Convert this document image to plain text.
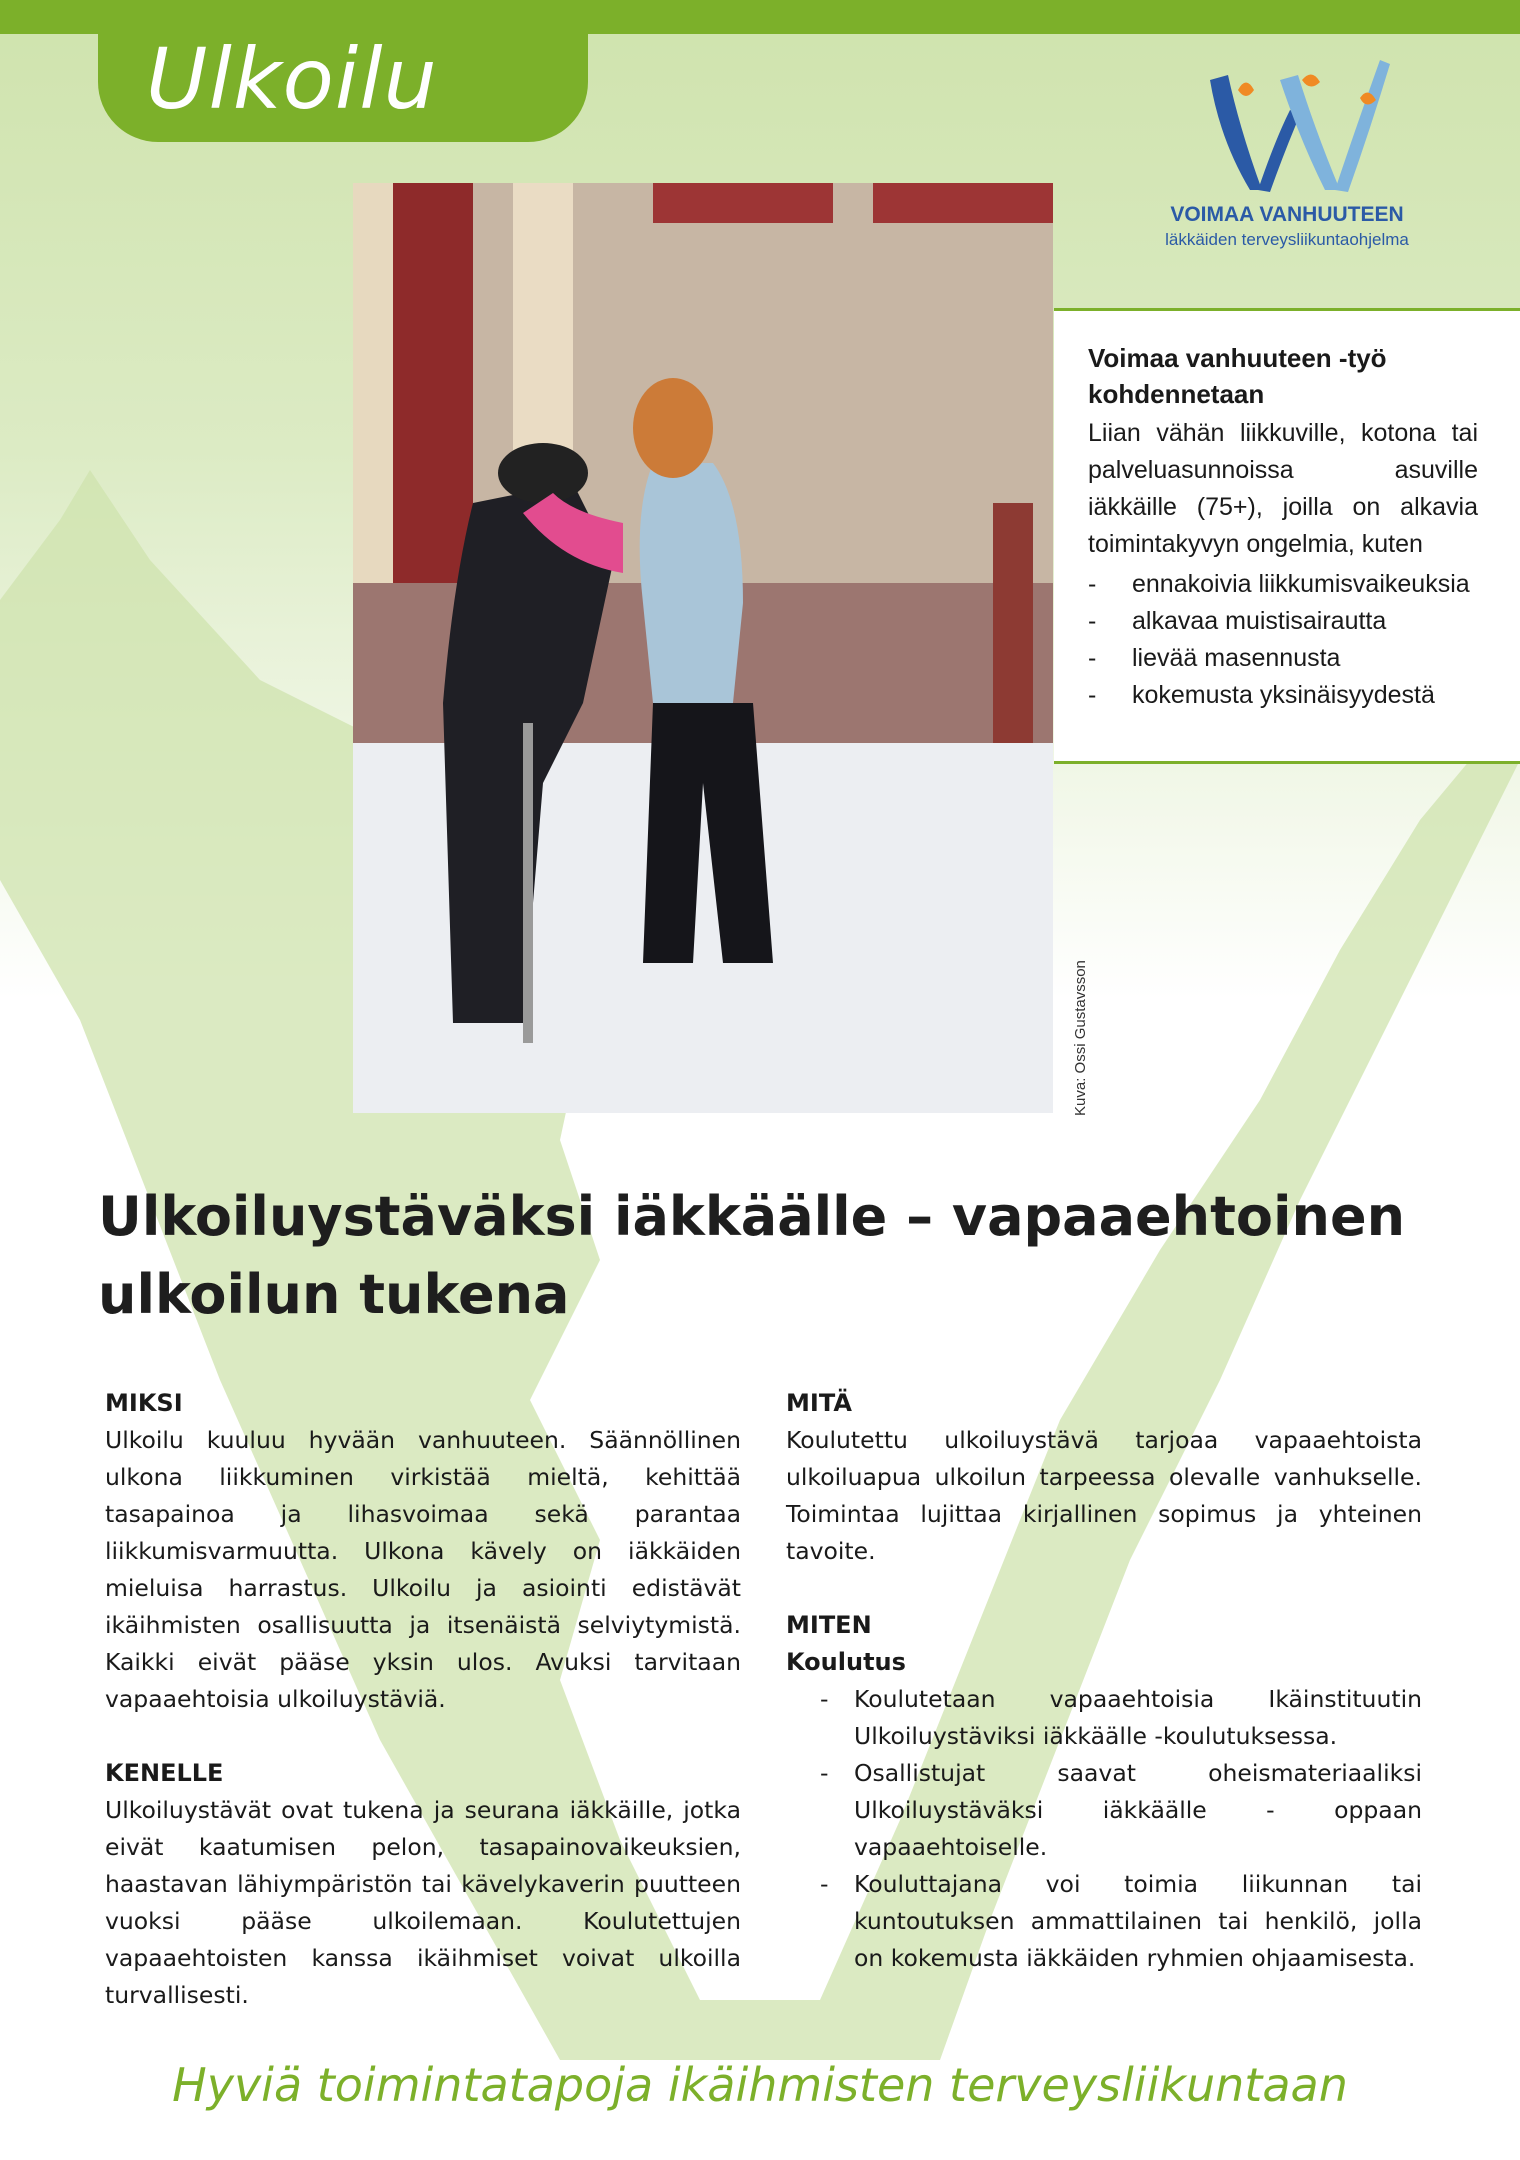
Ulkoilu
VOIMAA VANHUUTEEN
läkkäiden terveysliikuntaohjelma
Kuva: Ossi Gustavsson
Voimaa vanhuuteen -työ kohdennetaan
Liian vähän liikkuville, kotona tai palveluasunnoissa asuville iäkkäille (75+), joilla on alkavia toimintakyvyn ongelmia, kuten
- ennakoivia liikkumisvaikeuksia
- alkavaa muistisairautta
- lievää masennusta
- kokemusta yksinäisyydestä
Ulkoiluystäväksi iäkkäälle – vapaaehtoinen ulkoilun tukena
MIKSI

Ulkoilu kuuluu hyvään vanhuuteen. Säännöllinen ulkona liikkuminen virkistää mieltä, kehittää tasapainoa ja lihasvoimaa sekä parantaa liikkumisvarmuutta. Ulkona kävely on iäkkäiden mieluisa harrastus. Ulkoilu ja asiointi edistävät ikäihmisten osallisuutta ja itsenäistä selviytymistä. Kaikki eivät pääse yksin ulos. Avuksi tarvitaan vapaaehtoisia ulkoiluystäviä.

KENELLE

Ulkoiluystävät ovat tukena ja seurana iäkkäille, jotka eivät kaatumisen pelon, tasapainovaikeuksien, haastavan lähiympäristön tai kävelykaverin puutteen vuoksi pääse ulkoilemaan. Koulutettujen vapaaehtoisten kanssa ikäihmiset voivat ulkoilla turvallisesti.

MITÄ

Koulutettu ulkoiluystävä tarjoaa vapaaehtoista ulkoiluapua ulkoilun tarpeessa olevalle vanhukselle. Toimintaa lujittaa kirjallinen sopimus ja yhteinen tavoite.

MITEN
Koulutus
- Koulutetaan vapaaehtoisia Ikäinstituutin Ulkoiluystäviksi iäkkäälle -koulutuksessa.
- Osallistujat saavat oheismateriaaliksi Ulkoiluystäväksi iäkkäälle - oppaan vapaaehtoiselle.
- Kouluttajana voi toimia liikunnan tai kuntoutuksen ammattilainen tai henkilö, jolla on kokemusta iäkkäiden ryhmien ohjaamisesta.
Hyviä toimintatapoja ikäihmisten terveysliikuntaan
